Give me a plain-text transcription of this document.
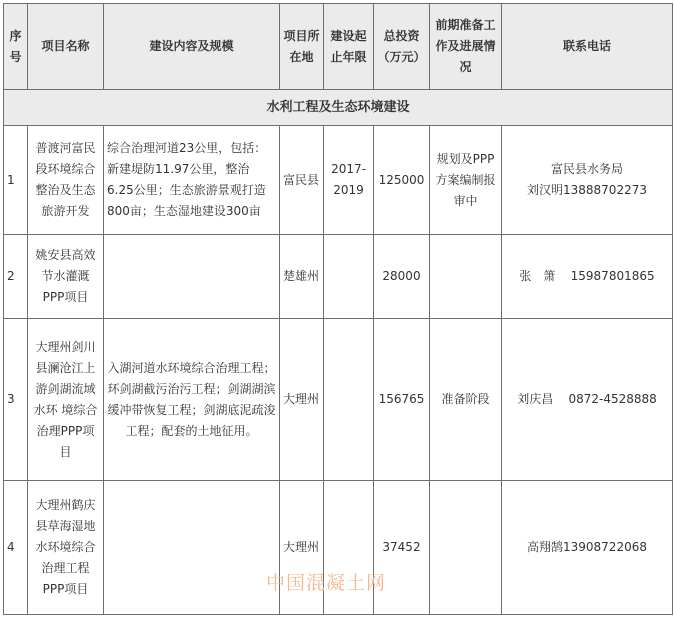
序号	项目名称	建设内容及规模	项目所在地	建设起止年限	总投资（万元）	前期准备工作及进展情况	联系电话
水利工程及生态环境建设							
1	普渡河富民段环境综合整治及生态旅游开发	综合治理河道23公里，包括：新建堤防11.97公里，整治6.25公里；生态旅游景观打造800亩；生态湿地建设300亩	富民县	2017-2019	125000	规划及PPP方案编制报审中	富民县水务局
刘汉明13888702273

2	姚安县高效节水灌溉PPP项目		楚雄州		28000		张　箫 15987801865
3	大理州剑川县澜沧江上游剑湖流域水环 境综合治理PPP项目	入湖河道水环境综合治理工程；环剑湖截污治污工程；剑湖湖滨缓冲带恢复工程；剑湖底泥疏浚工程；配套的土地征用。	大理州		156765	准备阶段	刘庆昌 0872-4528888
4	大理州鹤庆县草海湿地水环境综合治理工程 PPP项目		大理州		37452		高翔鹄13908722068
中国混凝土网
